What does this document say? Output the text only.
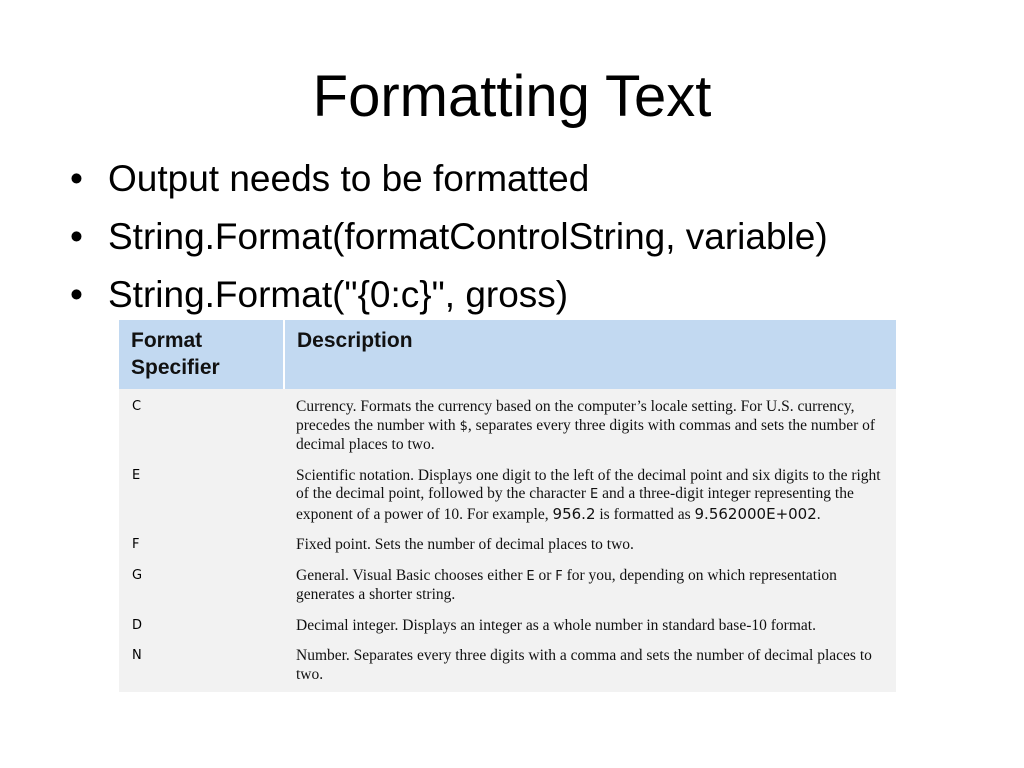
Formatting Text
• Output needs to be formatted
• String.Format(formatControlString, variable)
• String.Format("{0:c}", gross)
Format
Specifier	Description

C	Currency. Formats the currency based on the computer’s locale setting. For U.S. currency, precedes the number with $, separates every three digits with commas and sets the number of decimal places to two.

E	Scientific notation. Displays one digit to the left of the decimal point and six digits to the right of the decimal point, followed by the character E and a three-digit integer representing the exponent of a power of 10. For example, 956.2 is formatted as 9.562000E+002.

F	Fixed point. Sets the number of decimal places to two.

G	General. Visual Basic chooses either E or F for you, depending on which representation generates a shorter string.

D	Decimal integer. Displays an integer as a whole number in standard base-10 format.

N	Number. Separates every three digits with a comma and sets the number of decimal places to two.
